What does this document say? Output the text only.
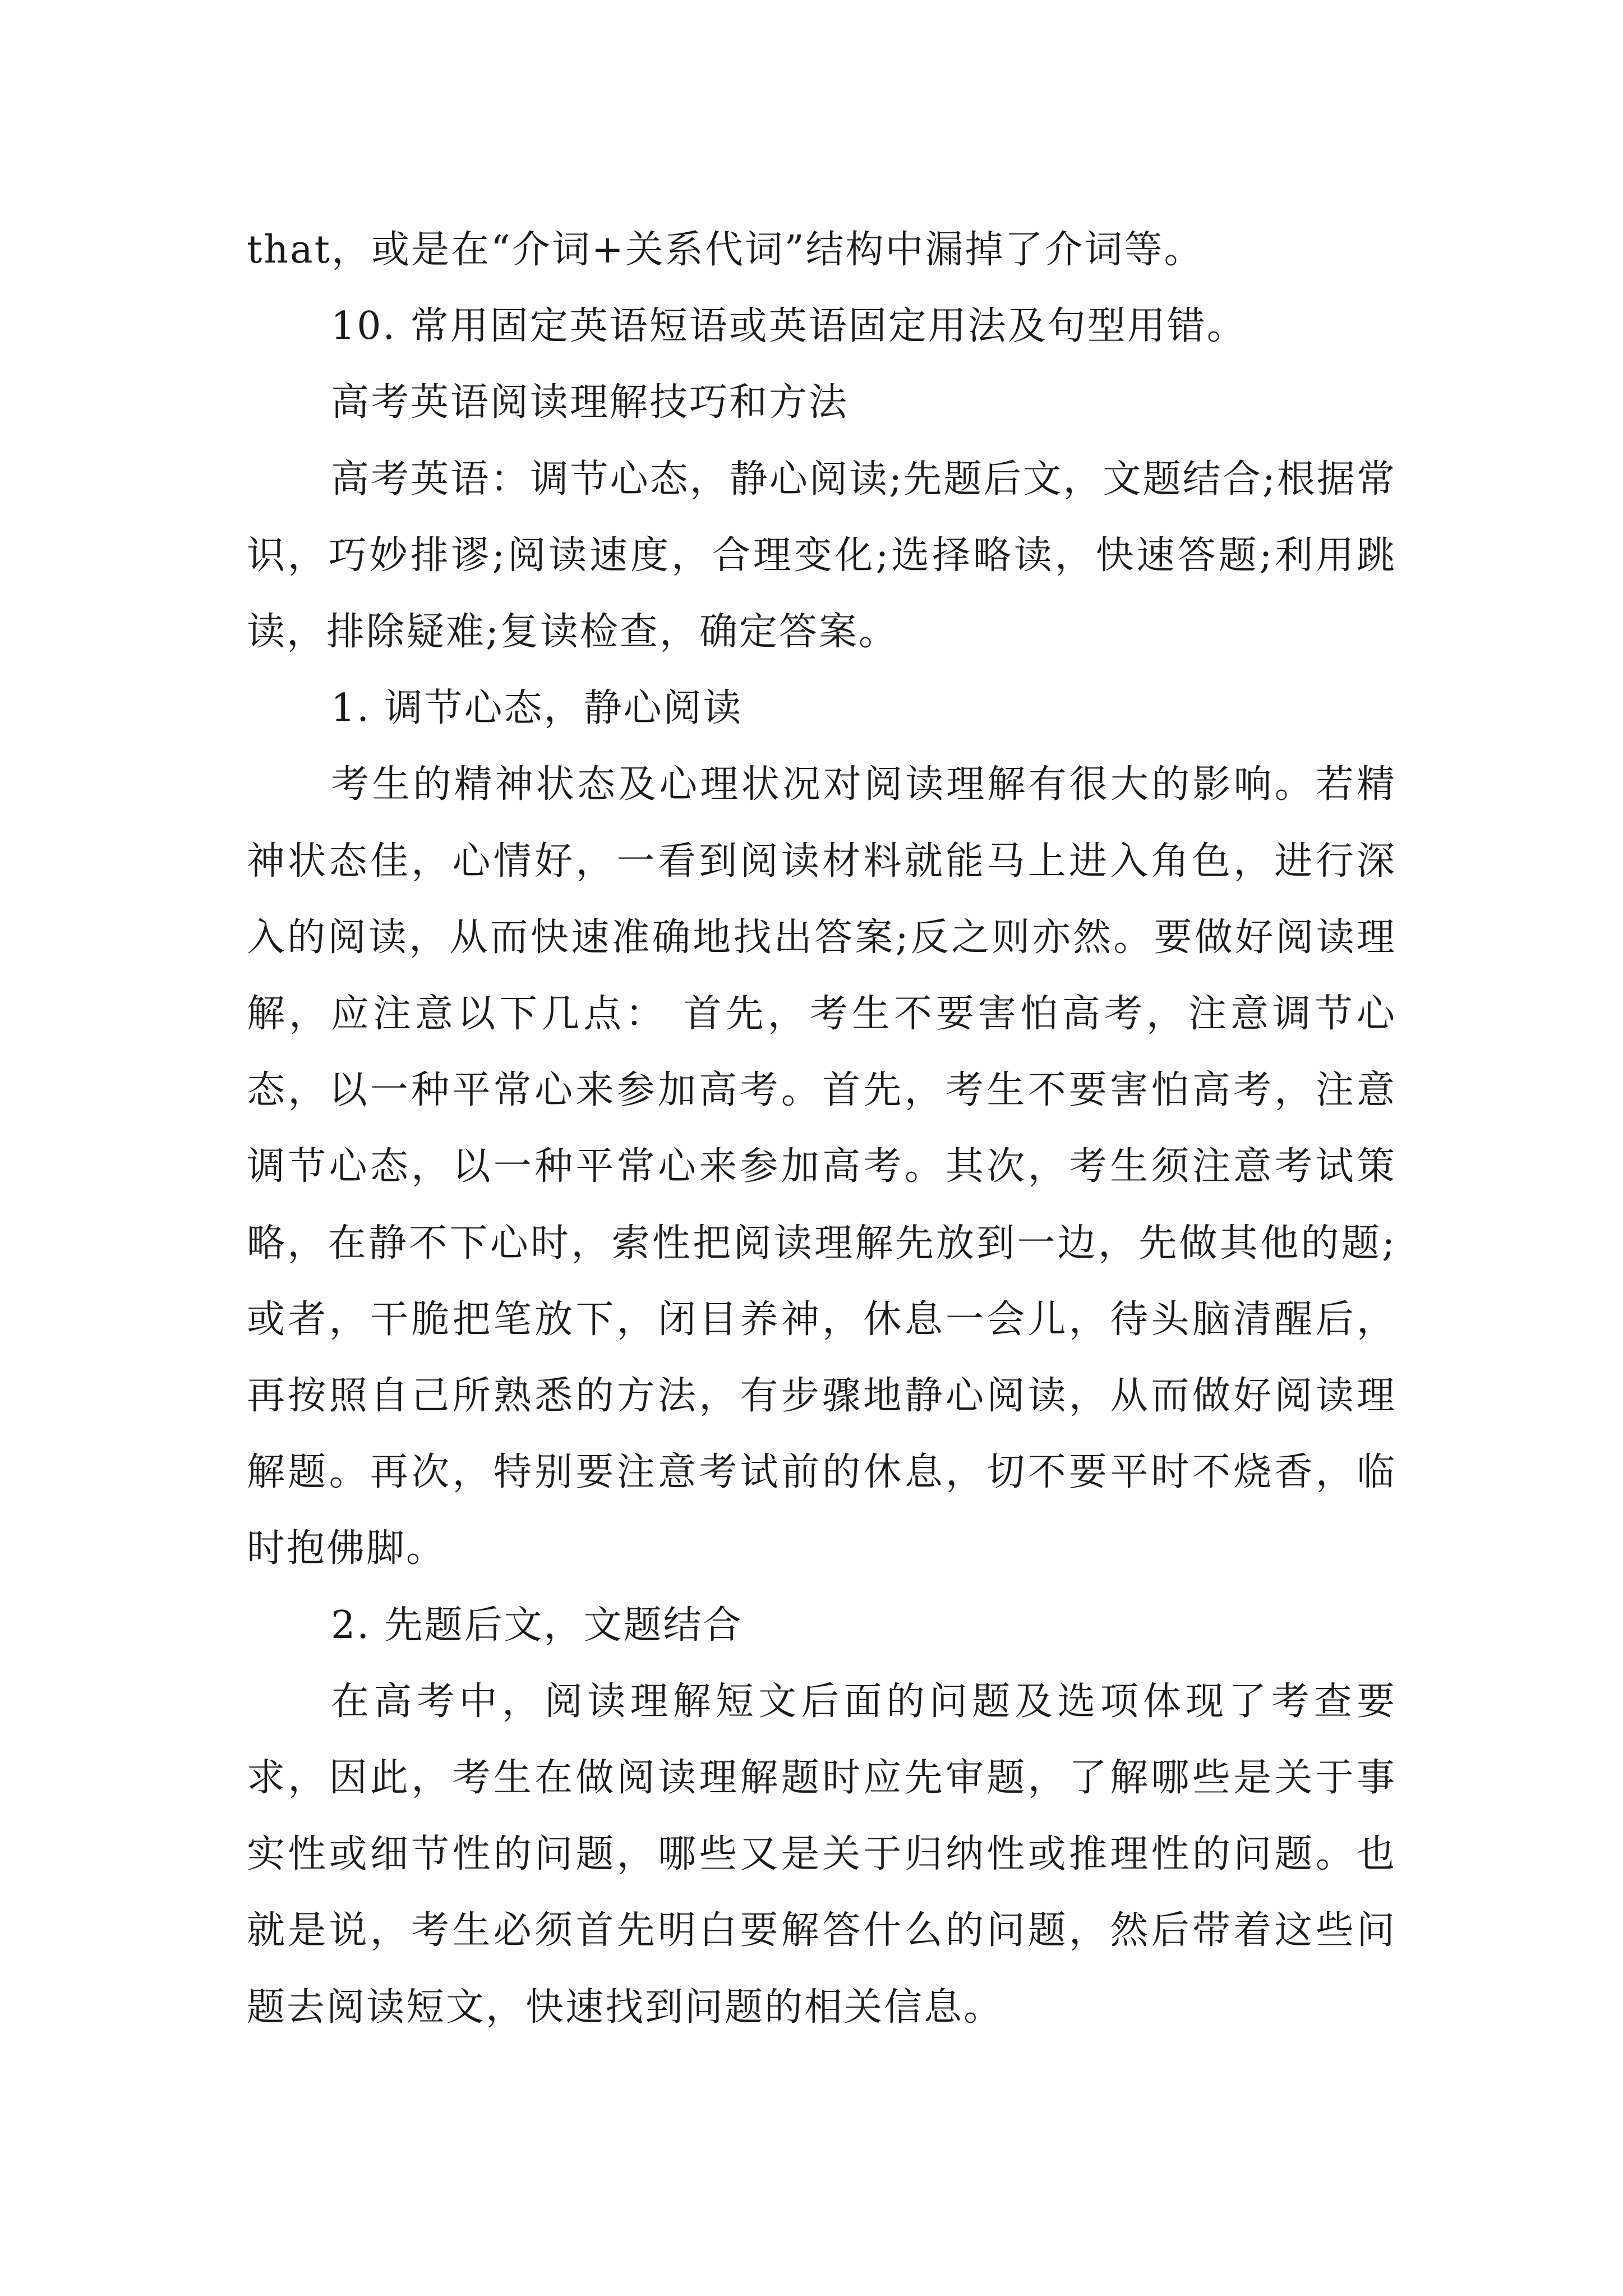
that，或是在“介词+关系代词”结构中漏掉了介词等。

10. 常用固定英语短语或英语固定用法及句型用错。

高考英语阅读理解技巧和方法

高考英语：调节心态，静心阅读;先题后文，文题结合;根据常识，巧妙排谬;阅读速度，合理变化;选择略读，快速答题;利用跳读，排除疑难;复读检查，确定答案。

1. 调节心态，静心阅读

考生的精神状态及心理状况对阅读理解有很大的影响。若精神状态佳，心情好，一看到阅读材料就能马上进入角色，进行深入的阅读，从而快速准确地找出答案;反之则亦然。要做好阅读理解，应注意以下几点： 首先，考生不要害怕高考，注意调节心态，以一种平常心来参加高考。首先，考生不要害怕高考，注意调节心态，以一种平常心来参加高考。其次，考生须注意考试策略，在静不下心时，索性把阅读理解先放到一边，先做其他的题;或者，干脆把笔放下，闭目养神，休息一会儿，待头脑清醒后，再按照自己所熟悉的方法，有步骤地静心阅读，从而做好阅读理解题。再次，特别要注意考试前的休息，切不要平时不烧香，临时抱佛脚。

2. 先题后文，文题结合

在高考中，阅读理解短文后面的问题及选项体现了考查要求，因此，考生在做阅读理解题时应先审题，了解哪些是关于事实性或细节性的问题，哪些又是关于归纳性或推理性的问题。也就是说，考生必须首先明白要解答什么的问题，然后带着这些问题去阅读短文，快速找到问题的相关信息。
